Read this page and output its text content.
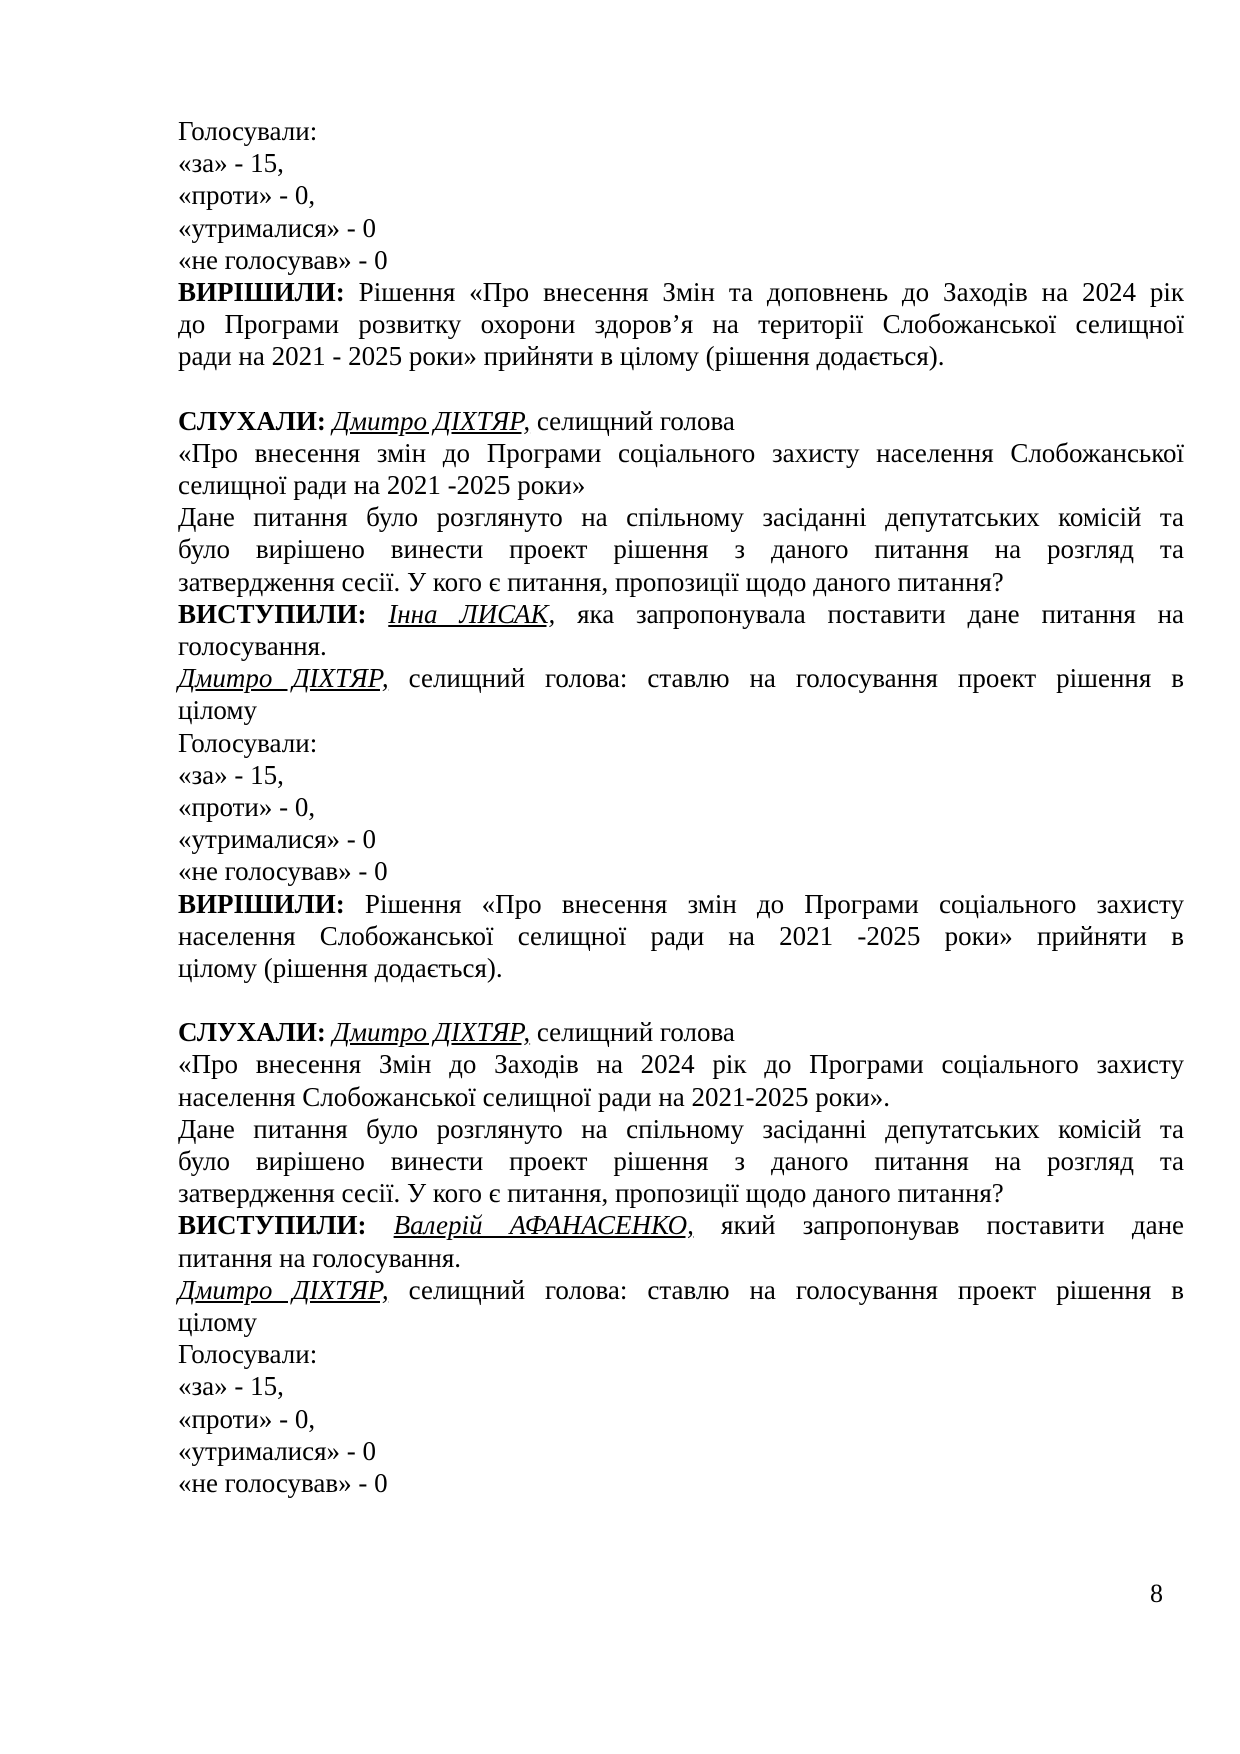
Голосували:
«за» - 15,
«проти» - 0,
«утрималися» - 0
«не голосував» - 0
ВИРІШИЛИ: Рішення «Про внесення Змін та доповнень до Заходів на 2024 рік
до Програми розвитку охорони здоров’я на території Слобожанської селищної
ради на 2021 - 2025 роки» прийняти в цілому (рішення додається).
СЛУХАЛИ: Дмитро ДІХТЯР, селищний голова
«Про внесення змін до Програми соціального захисту населення Слобожанської
селищної ради на 2021 -2025 роки»
Дане питання було розглянуто на спільному засіданні депутатських комісій та
було вирішено винести проект рішення з даного питання на розгляд та
затвердження сесії. У кого є питання, пропозиції щодо даного питання?
ВИСТУПИЛИ: Інна ЛИСАК, яка запропонувала поставити дане питання на
голосування.
Дмитро ДІХТЯР, селищний голова: ставлю на голосування проект рішення в
цілому
Голосували:
«за» - 15,
«проти» - 0,
«утрималися» - 0
«не голосував» - 0
ВИРІШИЛИ: Рішення «Про внесення змін до Програми соціального захисту
населення Слобожанської селищної ради на 2021 -2025 роки» прийняти в
цілому (рішення додається).
СЛУХАЛИ: Дмитро ДІХТЯР, селищний голова
«Про внесення Змін до Заходів на 2024 рік до Програми соціального захисту
населення Слобожанської селищної ради на 2021-2025 роки».
Дане питання було розглянуто на спільному засіданні депутатських комісій та
було вирішено винести проект рішення з даного питання на розгляд та
затвердження сесії. У кого є питання, пропозиції щодо даного питання?
ВИСТУПИЛИ: Валерій АФАНАСЕНКО, який запропонував поставити дане
питання на голосування.
Дмитро ДІХТЯР, селищний голова: ставлю на голосування проект рішення в
цілому
Голосували:
«за» - 15,
«проти» - 0,
«утрималися» - 0
«не голосував» - 0
8
